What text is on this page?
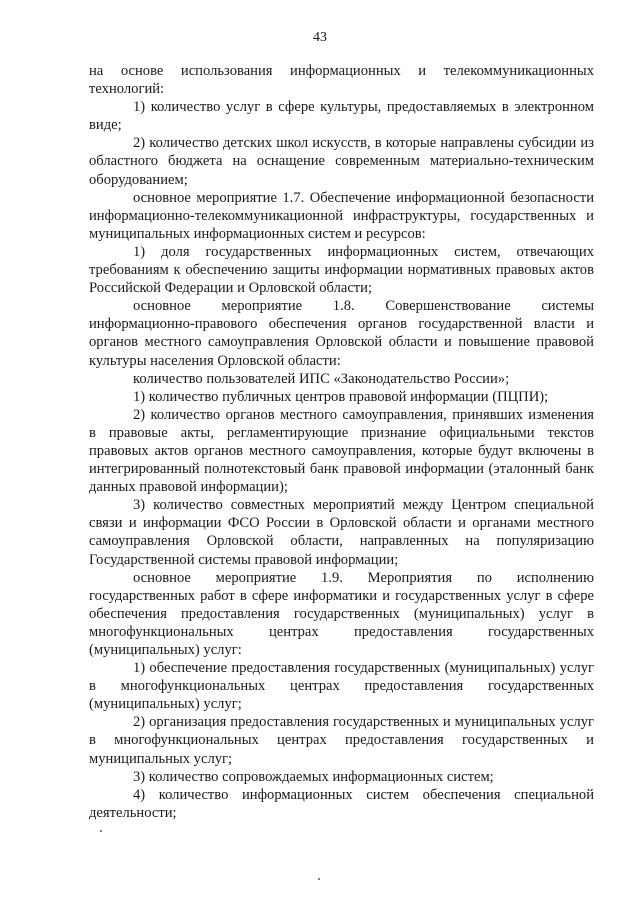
43

на основе использования информационных и телекоммуникационных технологий:

1) количество услуг в сфере культуры, предоставляемых в электронном виде;

2) количество детских школ искусств, в которые направлены субсидии из областного бюджета на оснащение современным материально-техническим оборудованием;

основное мероприятие 1.7. Обеспечение информационной безопасности информационно-телекоммуникационной инфраструктуры, государственных и муниципальных информационных систем и ресурсов:

1) доля государственных информационных систем, отвечающих требованиям к обеспечению защиты информации нормативных правовых актов Российской Федерации и Орловской области;

основное мероприятие 1.8. Совершенствование системы информационно-правового обеспечения органов государственной власти и органов местного самоуправления Орловской области и повышение правовой культуры населения Орловской области:

количество пользователей ИПС «Законодательство России»;

1) количество публичных центров правовой информации (ПЦПИ);

2) количество органов местного самоуправления, принявших изменения в правовые акты, регламентирующие признание официальными текстов правовых актов органов местного самоуправления, которые будут включены в интегрированный полнотекстовый банк правовой информации (эталонный банк данных правовой информации);

3) количество совместных мероприятий между Центром специальной связи и информации ФСО России в Орловской области и органами местного самоуправления Орловской области, направленных на популяризацию Государственной системы правовой информации;

основное мероприятие 1.9. Мероприятия по исполнению государственных работ в сфере информатики и государственных услуг в сфере обеспечения предоставления государственных (муниципальных) услуг в многофункциональных центрах предоставления государственных (муниципальных) услуг:

1) обеспечение предоставления государственных (муниципальных) услуг в многофункциональных центрах предоставления государственных (муниципальных) услуг;

2) организация предоставления государственных и муниципальных услуг в многофункциональных центрах предоставления государственных и муниципальных услуг;

3) количество сопровождаемых информационных систем;

4) количество информационных систем обеспечения специальной деятельности;
